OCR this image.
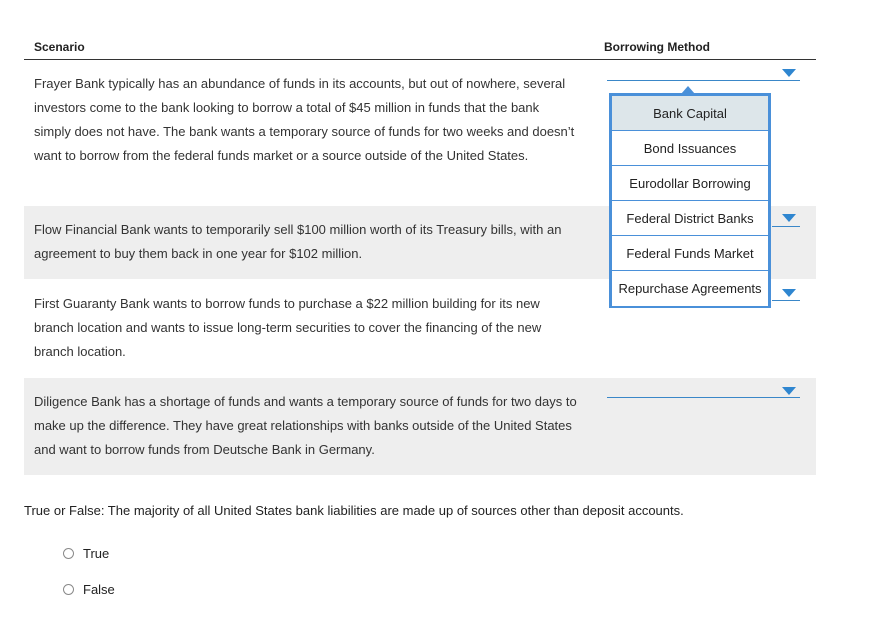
Scenario	Borrowing Method
Frayer Bank typically has an abundance of funds in its accounts, but out of nowhere, several investors come to the bank looking to borrow a total of $45 million in funds that the bank simply does not have. The bank wants a temporary source of funds for two weeks and doesn’t want to borrow from the federal funds market or a source outside of the United States.
Flow Financial Bank wants to temporarily sell $100 million worth of its Treasury bills, with an agreement to buy them back in one year for $102 million.
First Guaranty Bank wants to borrow funds to purchase a $22 million building for its new branch location and wants to issue long-term securities to cover the financing of the new branch location.
Diligence Bank has a shortage of funds and wants a temporary source of funds for two days to make up the difference. They have great relationships with banks outside of the United States and want to borrow funds from Deutsche Bank in Germany.
Bank Capital
Bond Issuances
Eurodollar Borrowing
Federal District Banks
Federal Funds Market
Repurchase Agreements
True or False: The majority of all United States bank liabilities are made up of sources other than deposit accounts.
True
False
